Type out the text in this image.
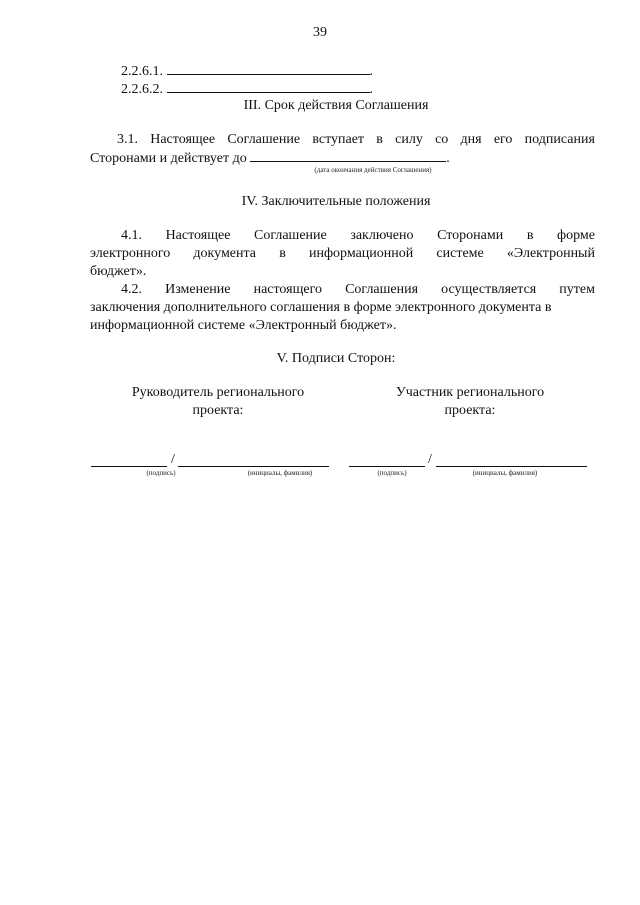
39
2.2.6.1.	.
2.2.6.2.	.
III. Срок действия Соглашения
3.1. Настоящее Соглашение вступает в силу со дня его подписания
Сторонами и действует до	.
(дата окончания действия Соглашения)
IV. Заключительные положения
4.1. Настоящее Соглашение заключено Сторонами в форме
электронного документа в информационной системе «Электронный
бюджет».
4.2. Изменение настоящего Соглашения осуществляется путем
заключения дополнительного соглашения в форме электронного документа в
информационной системе «Электронный бюджет».
V. Подписи Сторон:
Руководитель регионального
проекта:
Участник регионального
проекта:
/
(подпись)	(инициалы, фамилия)
/
(подпись)	(инициалы, фамилия)
